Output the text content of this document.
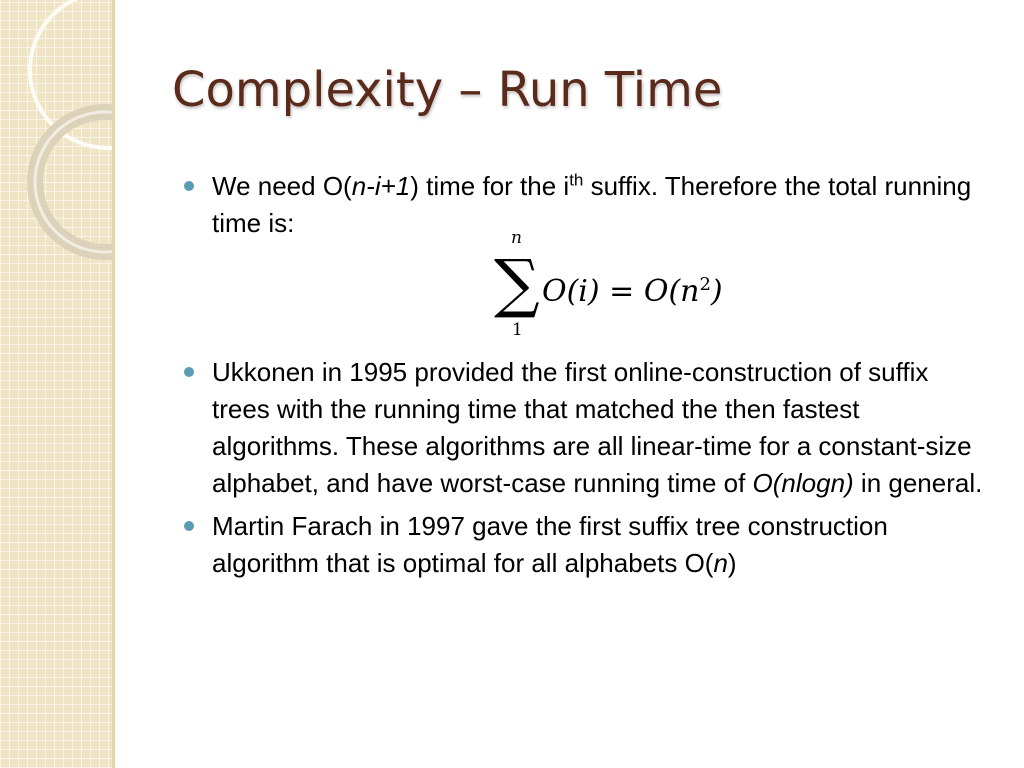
Complexity – Run Time
We need O(n-i+1) time for the $i^{th}$ suffix. Therefore the total running time is:	n
∑
1
$O(i) = O(n^2)$
Ukkonen in 1995 provided the first online-construction of suffix trees with the running time that matched the then fastest algorithms. These algorithms are all linear-time for a constant-size alphabet, and have worst-case running time of O(nlogn) in general.
Martin Farach in 1997 gave the first suffix tree construction algorithm that is optimal for all alphabets O(n)
